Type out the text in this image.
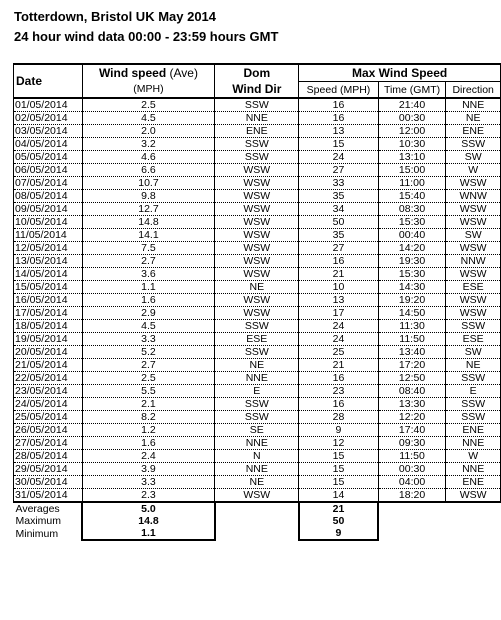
Totterdown, Bristol UK May 2014
24 hour wind data 00:00 - 23:59 hours GMT
Date	Wind speed (Ave)	Dom	Max Wind Speed		
	(MPH)	Wind Dir	Speed (MPH)	Time (GMT)	Direction
01/05/2014	2.5	SSW	16	21:40	NNE
02/05/2014	4.5	NNE	16	00:30	NE
03/05/2014	2.0	ENE	13	12:00	ENE
04/05/2014	3.2	SSW	15	10:30	SSW
05/05/2014	4.6	SSW	24	13:10	SW
06/05/2014	6.6	WSW	27	15:00	W
07/05/2014	10.7	WSW	33	11:00	WSW
08/05/2014	9.8	WSW	35	15:40	WNW
09/05/2014	12.7	WSW	34	08:30	WSW
10/05/2014	14.8	WSW	50	15:30	WSW
11/05/2014	14.1	WSW	35	00:40	SW
12/05/2014	7.5	WSW	27	14:20	WSW
13/05/2014	2.7	WSW	16	19:30	NNW
14/05/2014	3.6	WSW	21	15:30	WSW
15/05/2014	1.1	NE	10	14:30	ESE
16/05/2014	1.6	WSW	13	19:20	WSW
17/05/2014	2.9	WSW	17	14:50	WSW
18/05/2014	4.5	SSW	24	11:30	SSW
19/05/2014	3.3	ESE	24	11:50	ESE
20/05/2014	5.2	SSW	25	13:40	SW
21/05/2014	2.7	NE	21	17:20	NE
22/05/2014	2.5	NNE	16	12:50	SSW
23/05/2014	5.5	E	23	08:40	E
24/05/2014	2.1	SSW	16	13:30	SSW
25/05/2014	8.2	SSW	28	12:20	SSW
26/05/2014	1.2	SE	9	17:40	ENE
27/05/2014	1.6	NNE	12	09:30	NNE
28/05/2014	2.4	N	15	11:50	W
29/05/2014	3.9	NNE	15	00:30	NNE
30/05/2014	3.3	NE	15	04:00	ENE
31/05/2014	2.3	WSW	14	18:20	WSW
Averages	5.0		21		
Maximum	14.8		50		
Minimum	1.1		9		
